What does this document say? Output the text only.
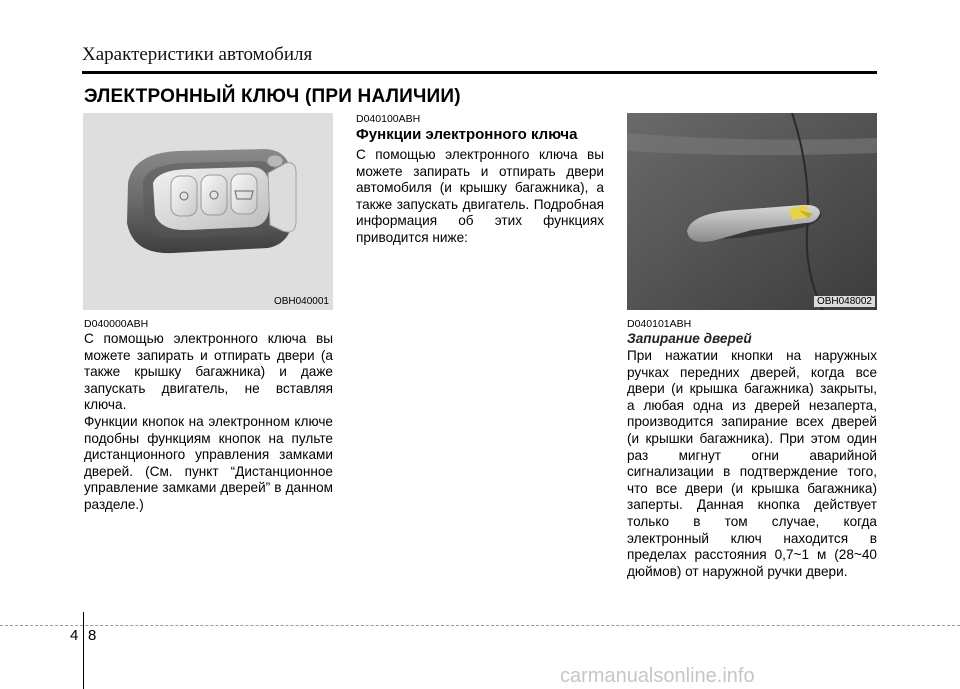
Характеристики автомобиля
ЭЛЕКТРОННЫЙ КЛЮЧ (ПРИ НАЛИЧИИ)
OBH040001	OBH048002
D040000ABH
С помощью электронного ключа вы можете запирать и отпирать двери (а также крышку багажника) и даже запускать двигатель, не вставляя ключа.
Функции кнопок на электронном ключе подобны функциям кнопок на пульте дистанционного управления замками дверей. (См. пункт “Дистанционное управление замками дверей” в данном разделе.)
D040100ABH
Функции электронного ключа
С помощью электронного ключа вы можете запирать и отпирать двери автомобиля (и крышку багажника), а также запускать двигатель. Подробная информация об этих функциях приводится ниже:
D040101ABH
Запирание дверей
При нажатии кнопки на наружных ручках передних дверей, когда все двери (и крышка багажника) закрыты, а любая одна из дверей незаперта, производится запирание всех дверей (и крышки багажника). При этом один раз мигнут огни аварийной сигнализации в подтверждение того, что все двери (и крышка багажника) заперты. Данная кнопка действует только в том случае, когда электронный ключ находится в пределах расстояния 0,7~1 м (28~40 дюймов) от наружной ручки двери.
4 8
carmanualsonline.info
